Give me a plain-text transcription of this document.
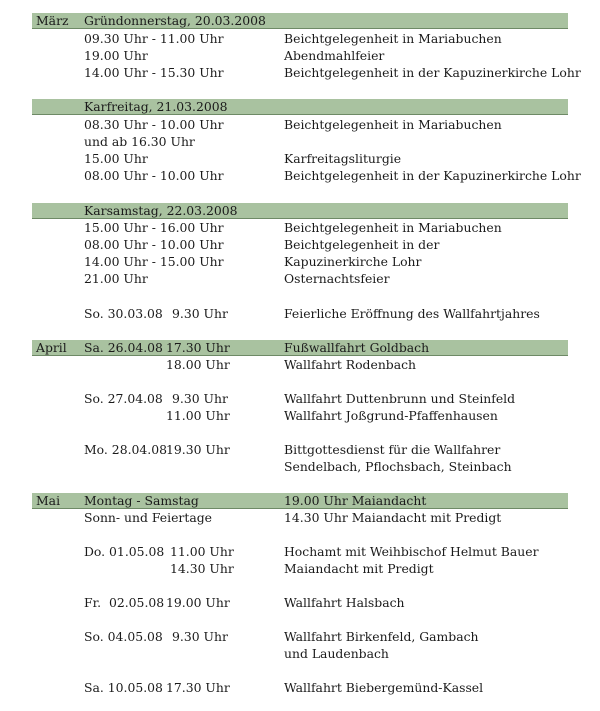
März Gründonnerstag, 20.03.2008
09.30 Uhr - 11.00 Uhr	Beichtgelegenheit in Mariabuchen
19.00 Uhr	Abendmahlfeier
14.00 Uhr - 15.30 Uhr	Beichtgelegenheit in der Kapuzinerkirche Lohr
Karfreitag, 21.03.2008
08.30 Uhr - 10.00 Uhr	Beichtgelegenheit in Mariabuchen
und ab 16.30 Uhr
15.00 Uhr	Karfreitagsliturgie
08.00 Uhr - 10.00 Uhr	Beichtgelegenheit in der Kapuzinerkirche Lohr
Karsamstag, 22.03.2008
15.00 Uhr - 16.00 Uhr	Beichtgelegenheit in Mariabuchen
08.00 Uhr - 10.00 Uhr	Beichtgelegenheit in der
14.00 Uhr - 15.00 Uhr	Kapuzinerkirche Lohr
21.00 Uhr	Osternachtsfeier
So. 30.03.08 9.30 Uhr	Feierliche Eröffnung des Wallfahrtjahres
April Sa. 26.04.08 17.30 Uhr	Fußwallfahrt Goldbach
18.00 Uhr	Wallfahrt Rodenbach
So. 27.04.08 9.30 Uhr	Wallfahrt Duttenbrunn und Steinfeld
11.00 Uhr	Wallfahrt Joßgrund-Pfaffenhausen
Mo. 28.04.08 19.30 Uhr	Bittgottesdienst für die Wallfahrer
Sendelbach, Pflochsbach, Steinbach
Mai Montag - Samstag	19.00 Uhr Maiandacht
Sonn- und Feiertage	14.30 Uhr Maiandacht mit Predigt
Do. 01.05.08 11.00 Uhr	Hochamt mit Weihbischof Helmut Bauer
14.30 Uhr	Maiandacht mit Predigt
Fr.  02.05.08 19.00 Uhr	Wallfahrt Halsbach
So. 04.05.08 9.30 Uhr	Wallfahrt Birkenfeld, Gambach
und Laudenbach
Sa. 10.05.08 17.30 Uhr	Wallfahrt Biebergemünd-Kassel
